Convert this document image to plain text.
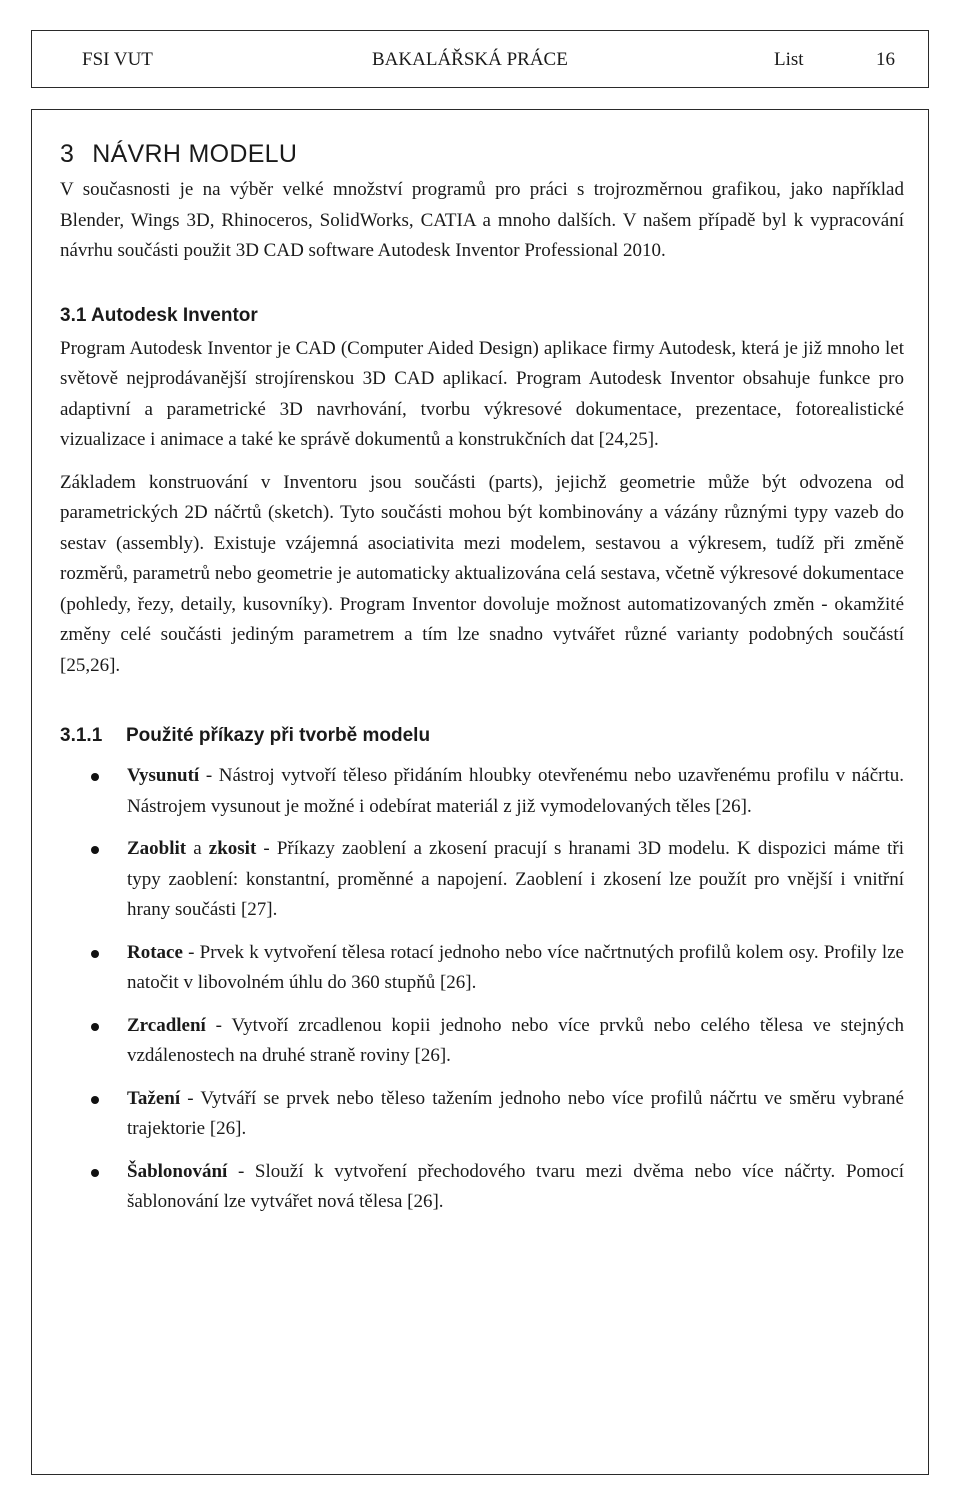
FSI VUT	BAKALÁŘSKÁ PRÁCE	List	16
3 NÁVRH MODELU

V současnosti je na výběr velké množství programů pro práci s trojrozměrnou grafikou, jako například Blender, Wings 3D, Rhinoceros, SolidWorks, CATIA a mnoho dalších. V našem případě byl k vypracování návrhu součásti použit 3D CAD software Autodesk Inventor Professional 2010.

3.1 Autodesk Inventor

Program Autodesk Inventor je CAD (Computer Aided Design) aplikace firmy Autodesk, která je již mnoho let světově nejprodávanější strojírenskou 3D CAD aplikací. Program Autodesk Inventor obsahuje funkce pro adaptivní a parametrické 3D navrhování, tvorbu výkresové dokumentace, prezentace, fotorealistické vizualizace i animace a také ke správě dokumentů a konstrukčních dat [24,25].

Základem konstruování v Inventoru jsou součásti (parts), jejichž geometrie může být odvozena od parametrických 2D náčrtů (sketch). Tyto součásti mohou být kombinovány a vázány různými typy vazeb do sestav (assembly). Existuje vzájemná asociativita mezi modelem, sestavou a výkresem, tudíž při změně rozměrů, parametrů nebo geometrie je automaticky aktualizována celá sestava, včetně výkresové dokumentace (pohledy, řezy, detaily, kusovníky). Program Inventor dovoluje možnost automatizovaných změn - okamžité změny celé součásti jediným parametrem a tím lze snadno vytvářet různé varianty podobných součástí [25,26].

3.1.1 Použité příkazy při tvorbě modelu
Vysunutí - Nástroj vytvoří těleso přidáním hloubky otevřenému nebo uzavřenému profilu v náčrtu. Nástrojem vysunout je možné i odebírat materiál z již vymodelovaných těles [26].
Zaoblit a zkosit - Příkazy zaoblení a zkosení pracují s hranami 3D modelu. K dispozici máme tři typy zaoblení: konstantní, proměnné a napojení. Zaoblení i zkosení lze použít pro vnější i vnitřní hrany součásti [27].
Rotace - Prvek k vytvoření tělesa rotací jednoho nebo více načrtnutých profilů kolem osy. Profily lze natočit v libovolném úhlu do 360 stupňů [26].
Zrcadlení - Vytvoří zrcadlenou kopii jednoho nebo více prvků nebo celého tělesa ve stejných vzdálenostech na druhé straně roviny [26].
Tažení - Vytváří se prvek nebo těleso tažením jednoho nebo více profilů náčrtu ve směru vybrané trajektorie [26].
Šablonování - Slouží k vytvoření přechodového tvaru mezi dvěma nebo více náčrty. Pomocí šablonování lze vytvářet nová tělesa [26].
